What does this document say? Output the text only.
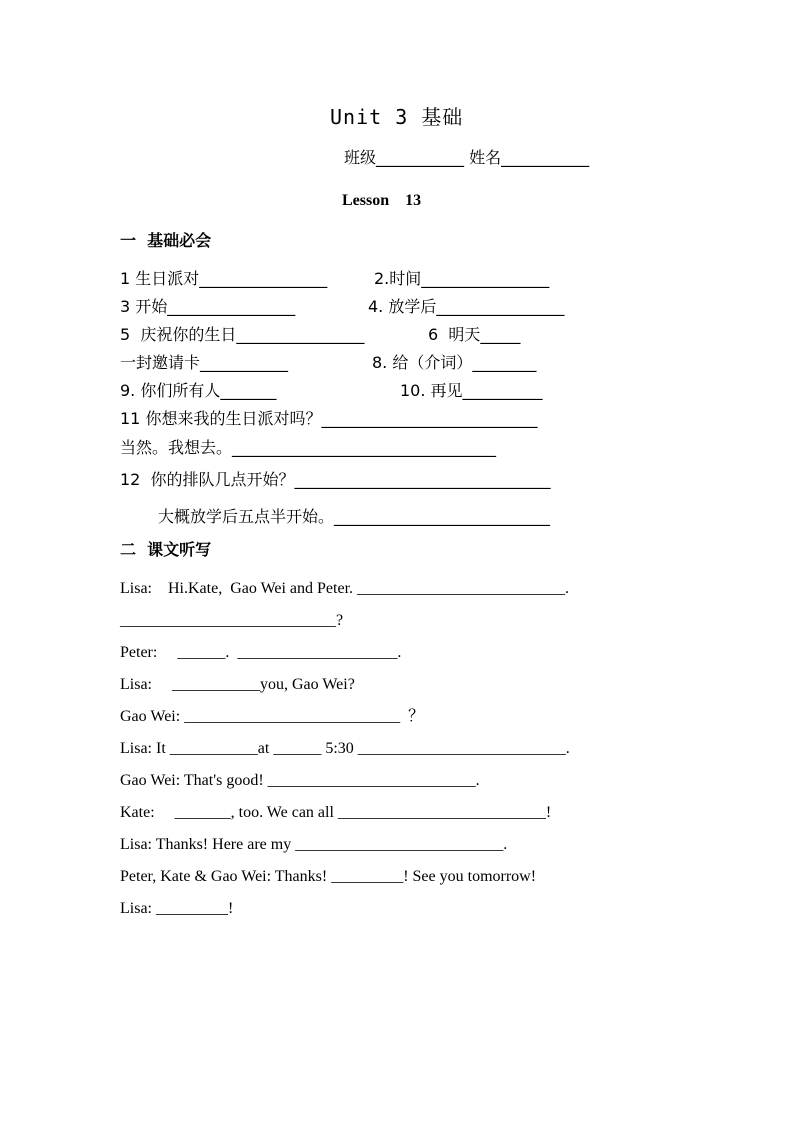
Unit 3 基础
班级___________ 姓名___________
Lesson    13
一  基础必会
1 生日派对________________	2.时间________________
3 开始________________	4. 放学后________________
5  庆祝你的生日________________	6  明天_____
一封邀请卡___________	8. 给（介词）________
9. 你们所有人_______	10. 再见__________
11 你想来我的生日派对吗？___________________________
当然。我想去。_________________________________
12  你的排队几点开始？________________________________
大概放学后五点半开始。___________________________
二  课文听写
Lisa:    Hi.Kate,  Gao Wei and Peter. __________________________.
___________________________?
Peter:     ______.  ____________________.
Lisa:     ___________you, Gao Wei?
Gao Wei: ___________________________  ？
Lisa: It ___________at ______ 5:30 __________________________.
Gao Wei: That's good! __________________________.
Kate:     _______, too. We can all __________________________!
Lisa: Thanks! Here are my __________________________.
Peter, Kate & Gao Wei: Thanks! _________! See you tomorrow!
Lisa: _________!
